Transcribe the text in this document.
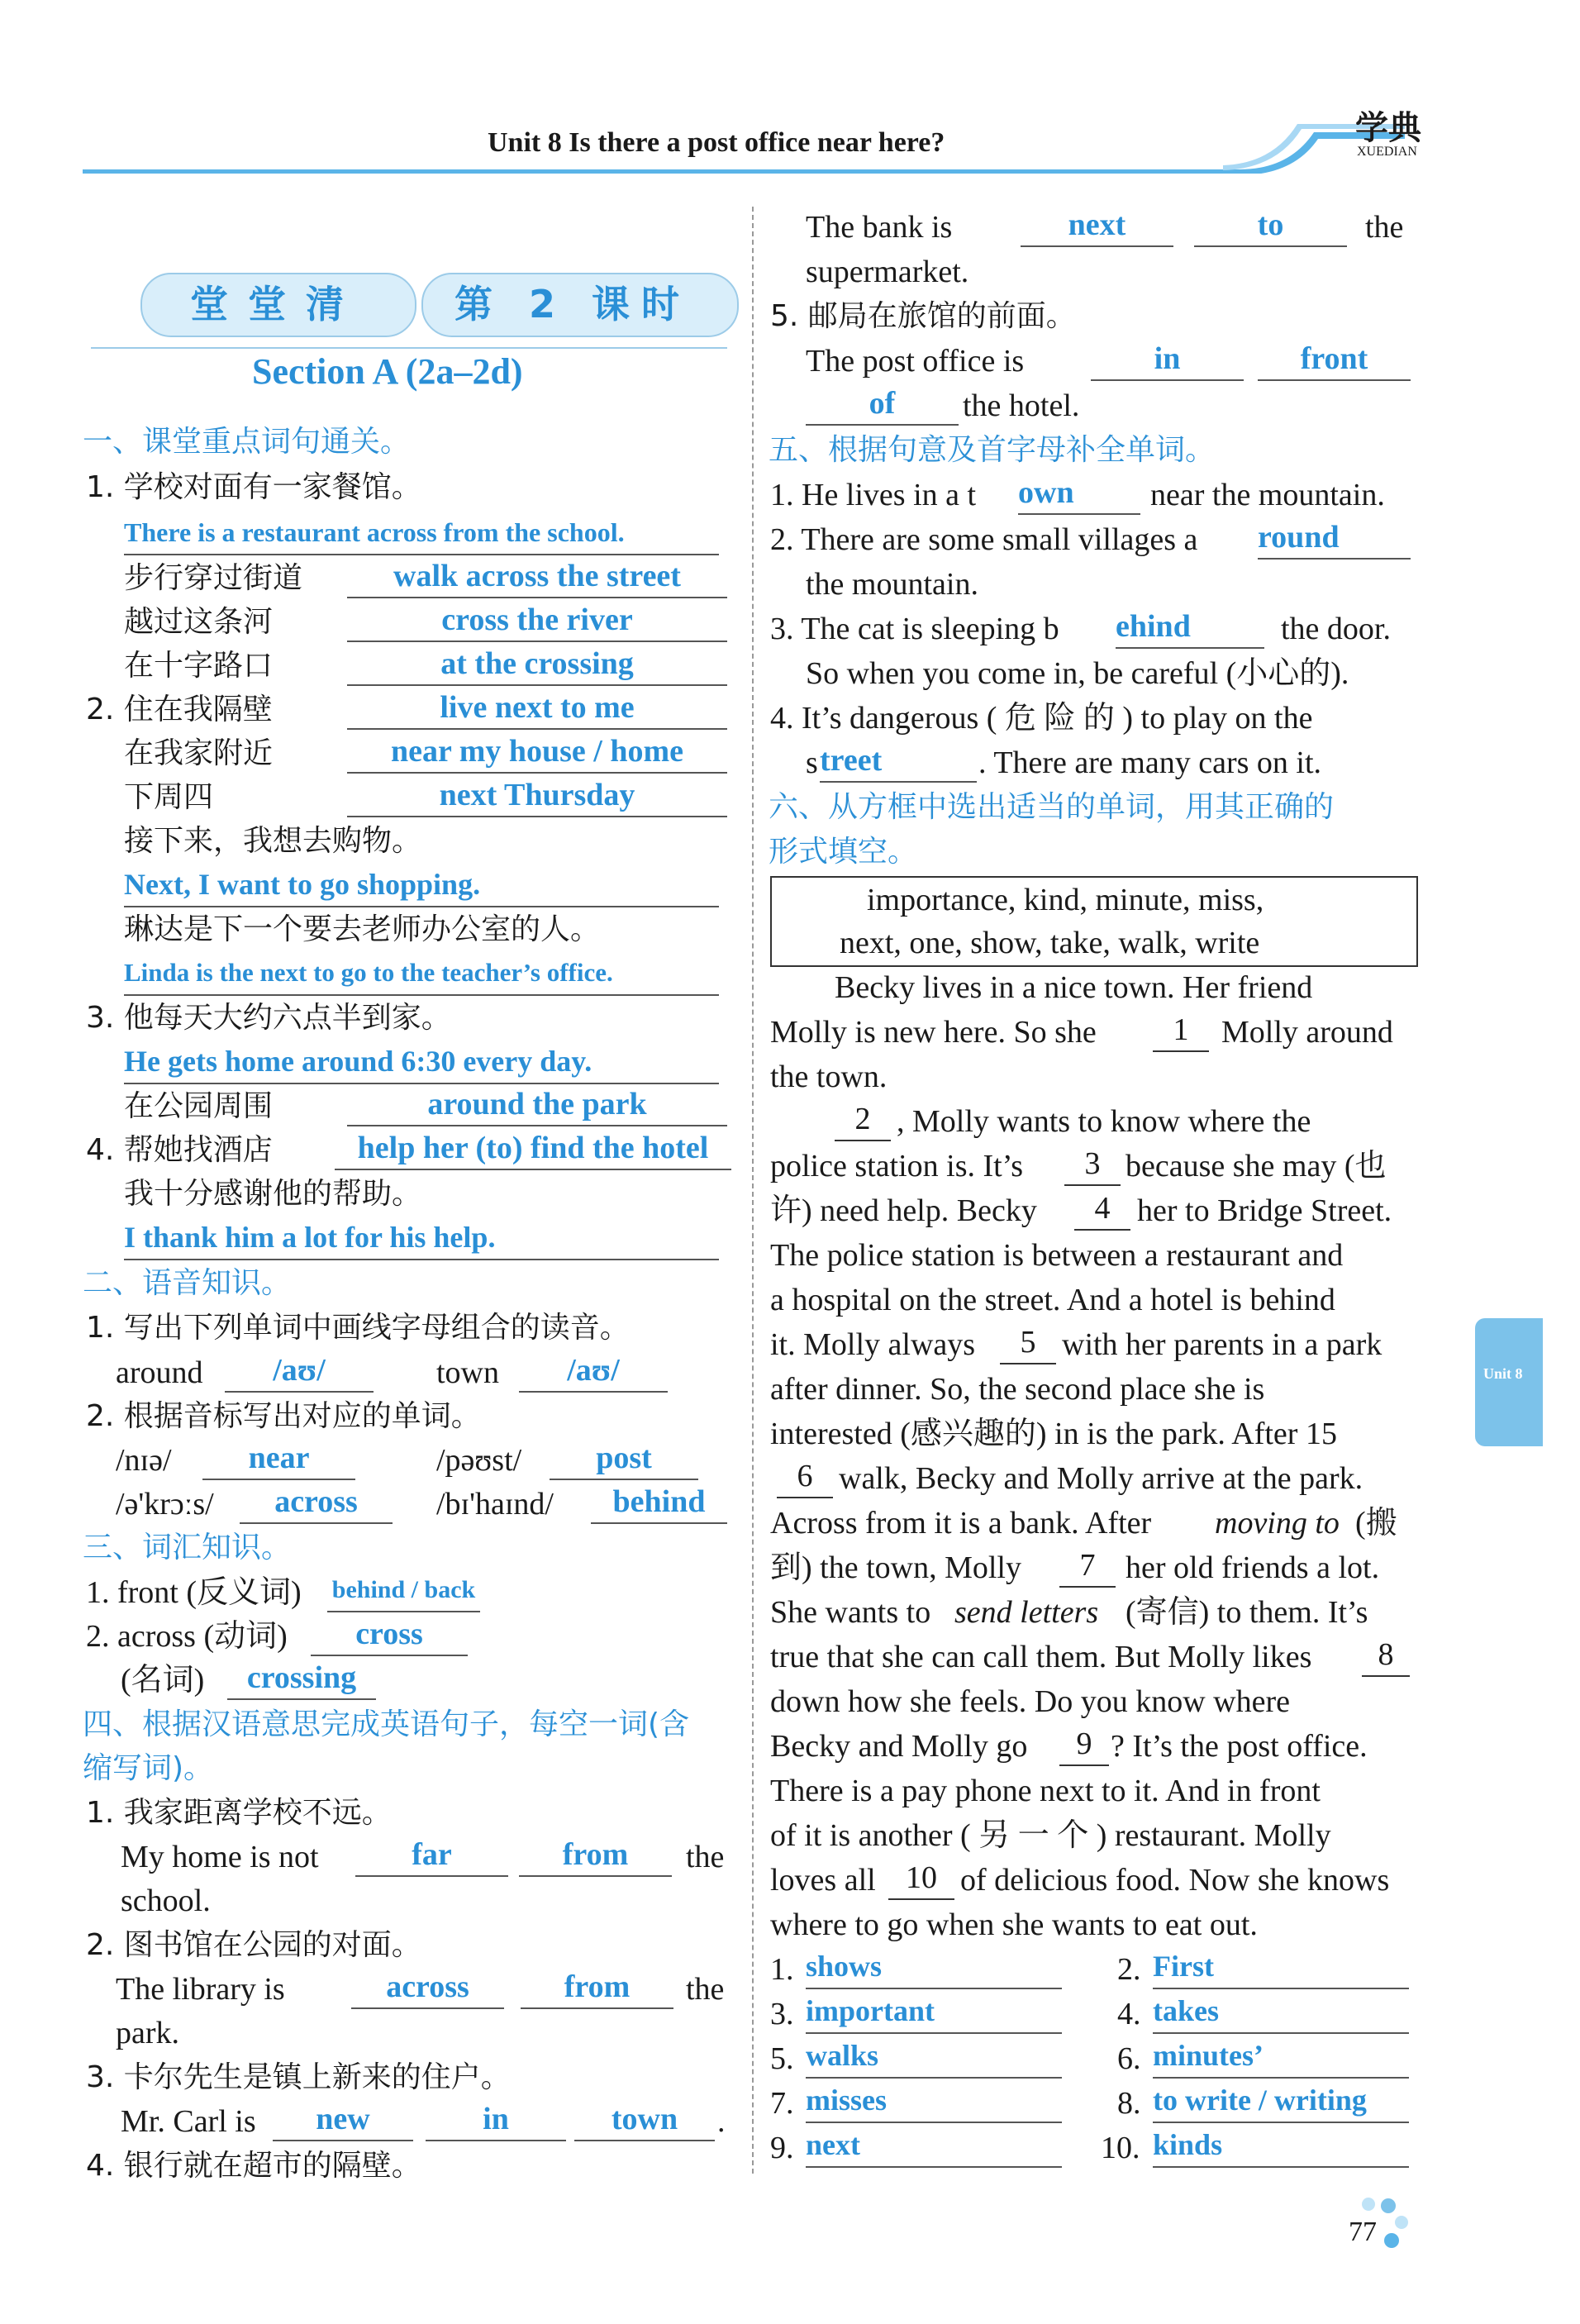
Unit 8 Is there a post office near here?	学典
XUEDIAN
堂堂清 第 2 课时
Section A (2a–2d)
一、课堂重点词句通关。
1. 学校对面有一家餐馆。
There is a restaurant across from the school.
步行穿过街道	walk across the street
越过这条河	cross the river
在十字路口	at the crossing
2. 住在我隔壁	live next to me
在我家附近	near my house / home
下周四	next Thursday
接下来，我想去购物。
Next, I want to go shopping.
琳达是下一个要去老师办公室的人。
Linda is the next to go to the teacher’s office.
3. 他每天大约六点半到家。
He gets home around 6:30 every day.
在公园周围	around the park
4. 帮她找酒店	help her (to) find the hotel
我十分感谢他的帮助。
I thank him a lot for his help.
二、语音知识。
1. 写出下列单词中画线字母组合的读音。
around	/aʊ/	town	/aʊ/
2. 根据音标写出对应的单词。
/nɪə/	near	/pəʊst/	post
/ə'krɔːs/	across	/bɪ'haɪnd/	behind
三、词汇知识。
1. front (反义词) behind / back
2. across (动词)	cross
(名词)	crossing
四、根据汉语意思完成英语句子，每空一词(含
缩写词)。
1. 我家距离学校不远。
My home is not	far	from	the
school.
2. 图书馆在公园的对面。
The library is	across	from	the
park.
3. 卡尔先生是镇上新来的住户。
Mr. Carl is	new	in	town	.
4. 银行就在超市的隔壁。
The bank is	next	to	the
supermarket.
5. 邮局在旅馆的前面。
The post office is	in	front
of	the hotel.
五、根据句意及首字母补全单词。
1. He lives in a t own	near the mountain.
2. There are some small villages a round
the mountain.
3. The cat is sleeping b ehind	the door.
So when you come in, be careful (小心的).
4. It’s dangerous ( 危 险 的 ) to play on the
s treet	. There are many cars on it.
六、从方框中选出适当的单词，用其正确的
形式填空。
importance, kind, minute, miss,
next, one, show, take, walk, write
Becky lives in a nice town. Her friend
Molly is new here. So she	1	Molly around
the town.
2 , Molly wants to know where the
police station is. It’s	3 because she may (也
许) need help. Becky	4 her to Bridge Street.
The police station is between a restaurant and
a hospital on the street. And a hotel is behind
it. Molly always	5 with her parents in a park
after dinner. So, the second place she is
interested (感兴趣的) in is the park. After 15
6 walk, Becky and Molly arrive at the park.
Across from it is a bank. After moving to (搬
到) the town, Molly	7 her old friends a lot.
She wants to send letters (寄信) to them. It’s
true that she can call them. But Molly likes	8
down how she feels. Do you know where
Becky and Molly go	9 ? It’s the post office.
There is a pay phone next to it. And in front
of it is another ( 另 一 个 ) restaurant. Molly
loves all 10 of delicious food. Now she knows
where to go when she wants to eat out.
1. shows	2. First
3. important	4. takes
5. walks	6. minutes’
7. misses	8. to write / writing
9. next	10. kinds
Unit 8
77
